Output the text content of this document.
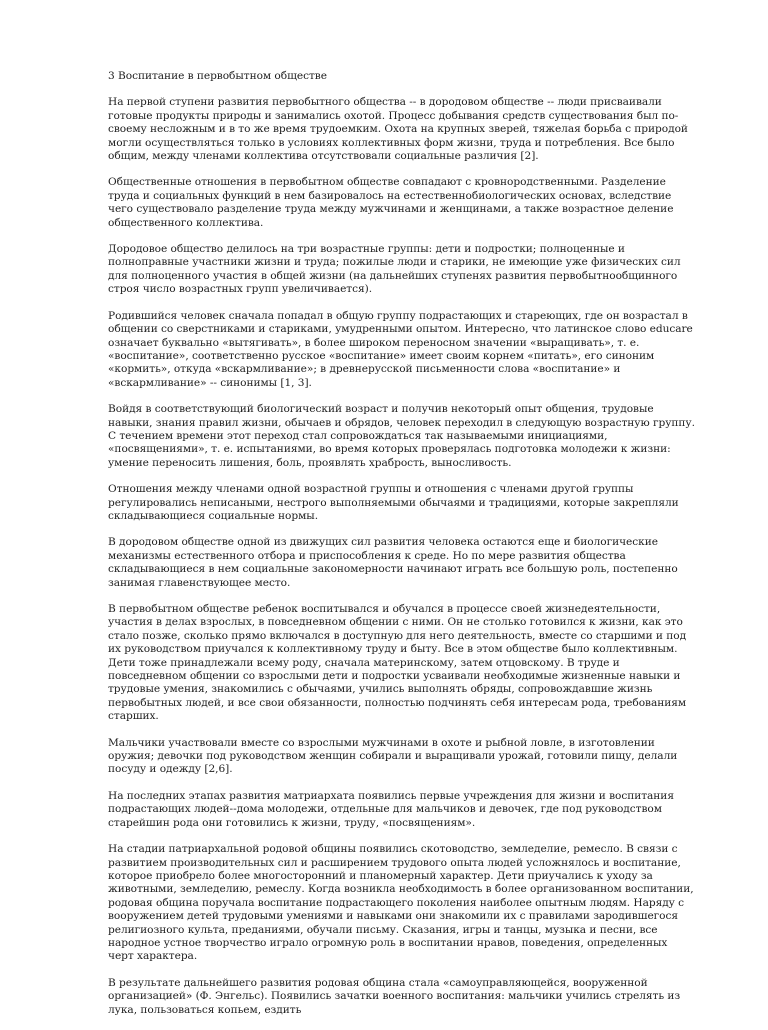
3 Воспитание в первобытном обществе

На первой ступени развития первобытного общества -- в дородовом обществе -- люди присваивали готовые продукты природы и занимались охотой. Процесс добывания средств существования был по-своему несложным и в то же время трудоемким. Охота на крупных зверей, тяжелая борьба с природой могли осуществляться только в условиях коллективных форм жизни, труда и потребления. Все было общим, между членами коллектива отсутствовали социальные различия [2].

Общественные отношения в первобытном обществе совпадают с кровнородственными. Разделение труда и социальных функций в нем базировалось на естественнобиологических основах, вследствие чего существовало разделение труда между мужчинами и женщинами, а также возрастное деление общественного коллектива.

Дородовое общество делилось на три возрастные группы: дети и подростки; полноценные и полноправные участники жизни и труда; пожилые люди и старики, не имеющие уже физических сил для полноценного участия в общей жизни (на дальнейших ступенях развития первобытнообщинного строя число возрастных групп увеличивается).

Родившийся человек сначала попадал в общую группу подрастающих и стареющих, где он возрастал в общении со сверстниками и стариками, умудренными опытом. Интересно, что латинское слово educare означает буквально «вытягивать», в более широком переносном значении «выращивать», т. е. «воспитание», соответственно русское «воспитание» имеет своим корнем «питать», его синоним «кормить», откуда «вскармливание»; в древнерусской письменности слова «воспитание» и «вскармливание» -- синонимы [1, 3].

Войдя в соответствующий биологический возраст и получив некоторый опыт общения, трудовые навыки, знания правил жизни, обычаев и обрядов, человек переходил в следующую возрастную группу. С течением времени этот переход стал сопровождаться так называемыми инициациями, «посвящениями», т. е. испытаниями, во время которых проверялась подготовка молодежи к жизни: умение переносить лишения, боль, проявлять храбрость, выносливость.

Отношения между членами одной возрастной группы и отношения с членами другой группы регулировались неписаными, нестрого выполняемыми обычаями и традициями, которые закрепляли складывающиеся социальные нормы.

В дородовом обществе одной из движущих сил развития человека остаются еще и биологические механизмы естественного отбора и приспособления к среде. Но по мере развития общества складывающиеся в нем социальные закономерности начинают играть все большую роль, постепенно занимая главенствующее место.

В первобытном обществе ребенок воспитывался и обучался в процессе своей жизнедеятельности, участия в делах взрослых, в повседневном общении с ними. Он не столько готовился к жизни, как это стало позже, сколько прямо включался в доступную для него деятельность, вместе со старшими и под их руководством приучался к коллективному труду и быту. Все в этом обществе было коллективным. Дети тоже принадлежали всему роду, сначала материнскому, затем отцовскому. В труде и повседневном общении со взрослыми дети и подростки усваивали необходимые жизненные навыки и трудовые умения, знакомились с обычаями, учились выполнять обряды, сопровождавшие жизнь первобытных людей, и все свои обязанности, полностью подчинять себя интересам рода, требованиям старших.

Мальчики участвовали вместе со взрослыми мужчинами в охоте и рыбной ловле, в изготовлении оружия; девочки под руководством женщин собирали и выращивали урожай, готовили пищу, делали посуду и одежду [2,6].

На последних этапах развития матриархата появились первые учреждения для жизни и воспитания подрастающих людей--дома молодежи, отдельные для мальчиков и девочек, где под руководством старейшин рода они готовились к жизни, труду, «посвящениям».

На стадии патриархальной родовой общины появились скотоводство, земледелие, ремесло. В связи с развитием производительных сил и расширением трудового опыта людей усложнялось и воспитание, которое приобрело более многосторонний и планомерный характер. Дети приучались к уходу за животными, земледелию, ремеслу. Когда возникла необходимость в более организованном воспитании, родовая община поручала воспитание подрастающего поколения наиболее опытным людям. Наряду с вооружением детей трудовыми умениями и навыками они знакомили их с правилами зародившегося религиозного культа, преданиями, обучали письму. Сказания, игры и танцы, музыка и песни, все народное устное творчество играло огромную роль в воспитании нравов, поведения, определенных черт характера.

В результате дальнейшего развития родовая община стала «самоуправляющейся, вооруженной организацией» (Ф. Энгельс). Появились зачатки военного воспитания: мальчики учились стрелять из лука, пользоваться копьем, ездить
